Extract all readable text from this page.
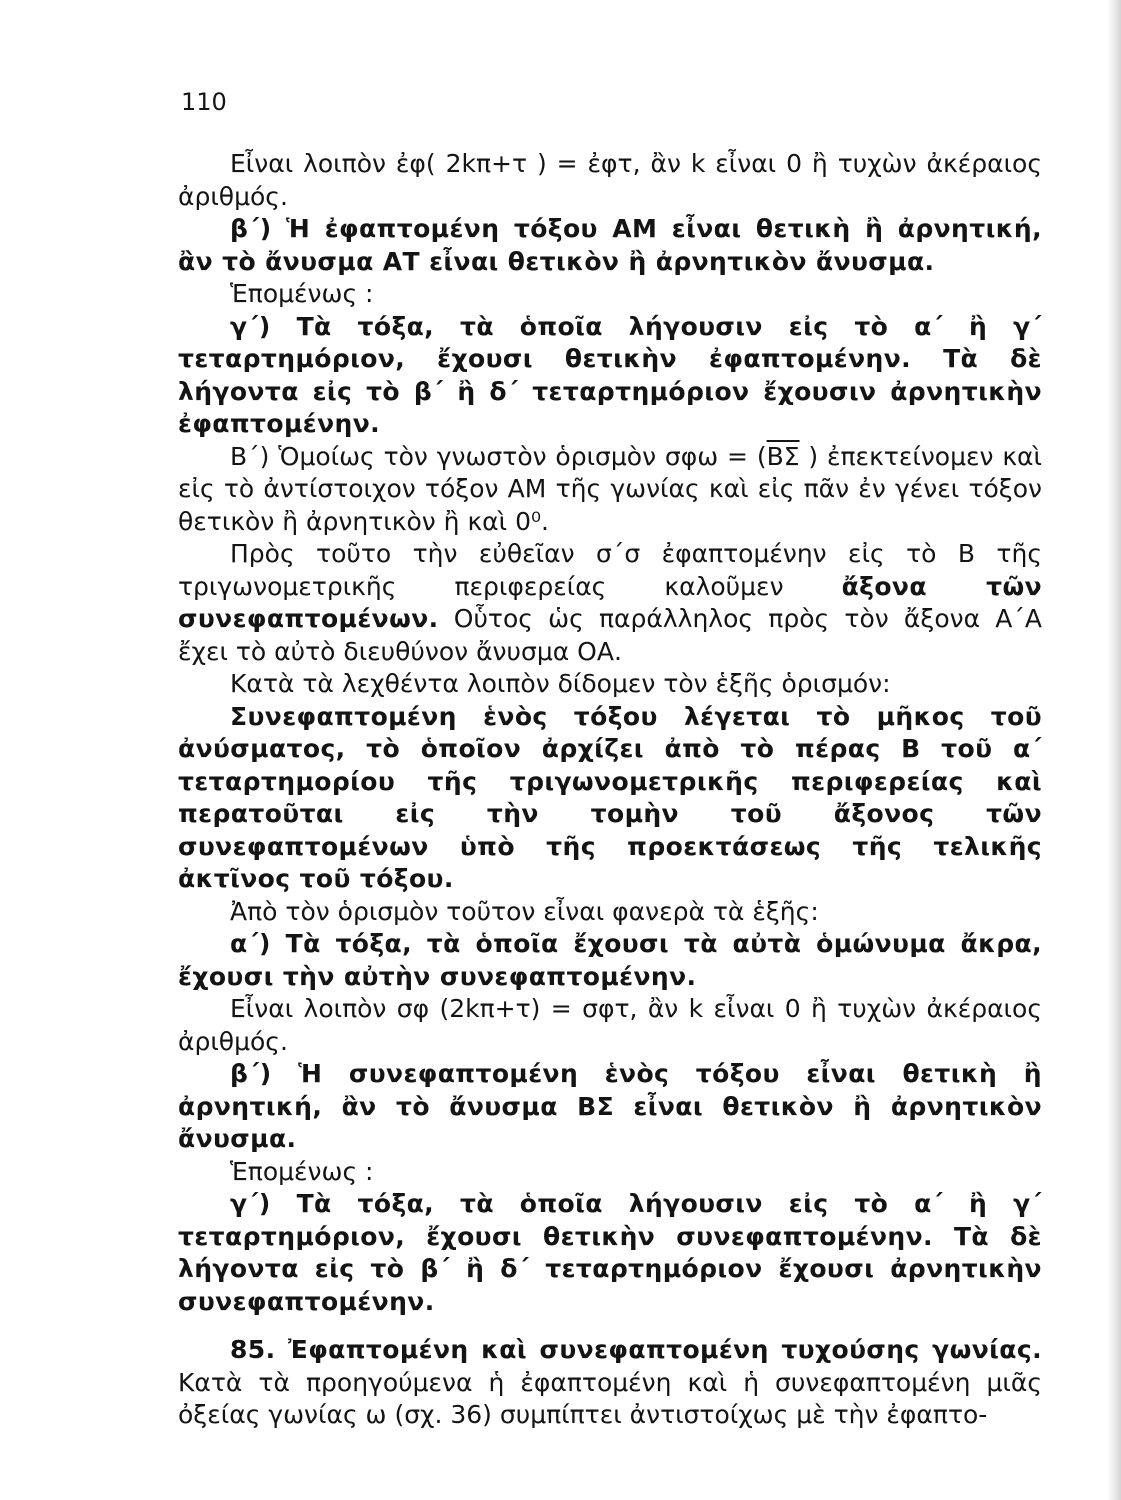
110

Εἶναι λοιπὸν ἐφ( 2kπ+τ ) = ἐφτ, ἂν k εἶναι 0 ἢ τυχὼν ἀκέραιος ἀριθμός.

β΄) Ἡ ἐφαπτομένη τόξου ΑΜ εἶναι θετικὴ ἢ ἀρνητική, ἂν τὸ ἄνυσμα ΑΤ εἶναι θετικὸν ἢ ἀρνητικὸν ἄνυσμα.

Ἑπομένως :

γ΄) Τὰ τόξα, τὰ ὁποῖα λήγουσιν εἰς τὸ α΄ ἢ γ΄ τεταρτημόριον, ἔχουσι θετικὴν ἐφαπτομένην. Τὰ δὲ λήγοντα εἰς τὸ β΄ ἢ δ΄ τεταρτημόριον ἔχουσιν ἀρνητικὴν ἐφαπτομένην.

Β΄) Ὁμοίως τὸν γνωστὸν ὁρισμὸν $\sigma\varphi\omega = (\overline{B\Sigma}$ ) ἐπεκτείνομεν καὶ εἰς τὸ ἀντίστοιχον τόξον ΑΜ τῆς γωνίας καὶ εἰς πᾶν ἐν γένει τόξον θετικὸν ἢ ἀρνητικὸν ἢ καὶ 0⁰.

Πρὸς τοῦτο τὴν εὐθεῖαν σ΄σ ἐφαπτομένην εἰς τὸ Β τῆς τριγωνομετρικῆς περιφερείας καλοῦμεν ἄξονα τῶν συνεφαπτομένων. Οὗτος ὡς παράλληλος πρὸς τὸν ἄξονα Α΄Α ἔχει τὸ αὐτὸ διευθύνον ἄνυσμα ΟΑ.

Κατὰ τὰ λεχθέντα λοιπὸν δίδομεν τὸν ἑξῆς ὁρισμόν:

Συνεφαπτομένη ἑνὸς τόξου λέγεται τὸ μῆκος τοῦ ἀνύσματος, τὸ ὁποῖον ἀρχίζει ἀπὸ τὸ πέρας Β τοῦ α΄ τεταρτημορίου τῆς τριγωνομετρικῆς περιφερείας καὶ περατοῦται εἰς τὴν τομὴν τοῦ ἄξονος τῶν συνεφαπτομένων ὑπὸ τῆς προεκτάσεως τῆς τελικῆς ἀκτῖνος τοῦ τόξου.

Ἀπὸ τὸν ὁρισμὸν τοῦτον εἶναι φανερὰ τὰ ἑξῆς:

α΄) Τὰ τόξα, τὰ ὁποῖα ἔχουσι τὰ αὐτὰ ὁμώνυμα ἄκρα, ἔχουσι τὴν αὐτὴν συνεφαπτομένην.

Εἶναι λοιπὸν σφ (2kπ+τ) = σφτ, ἂν k εἶναι 0 ἢ τυχὼν ἀκέραιος ἀριθμός.

β΄) Ἡ συνεφαπτομένη ἑνὸς τόξου εἶναι θετικὴ ἢ ἀρνητική, ἂν τὸ ἄνυσμα ΒΣ εἶναι θετικὸν ἢ ἀρνητικὸν ἄνυσμα.

Ἑπομένως :

γ΄) Τὰ τόξα, τὰ ὁποῖα λήγουσιν εἰς τὸ α΄ ἢ γ΄ τεταρτημόριον, ἔχουσι θετικὴν συνεφαπτομένην. Τὰ δὲ λήγοντα εἰς τὸ β΄ ἢ δ΄ τεταρτημόριον ἔχουσι ἀρνητικὴν συνεφαπτομένην.

85. Ἐφαπτομένη καὶ συνεφαπτομένη τυχούσης γωνίας. Κατὰ τὰ προηγούμενα ἡ ἐφαπτομένη καὶ ἡ συνεφαπτομένη μιᾶς ὀξείας γωνίας ω (σχ. 36) συμπίπτει ἀντιστοίχως μὲ τὴν ἐφαπτο-
